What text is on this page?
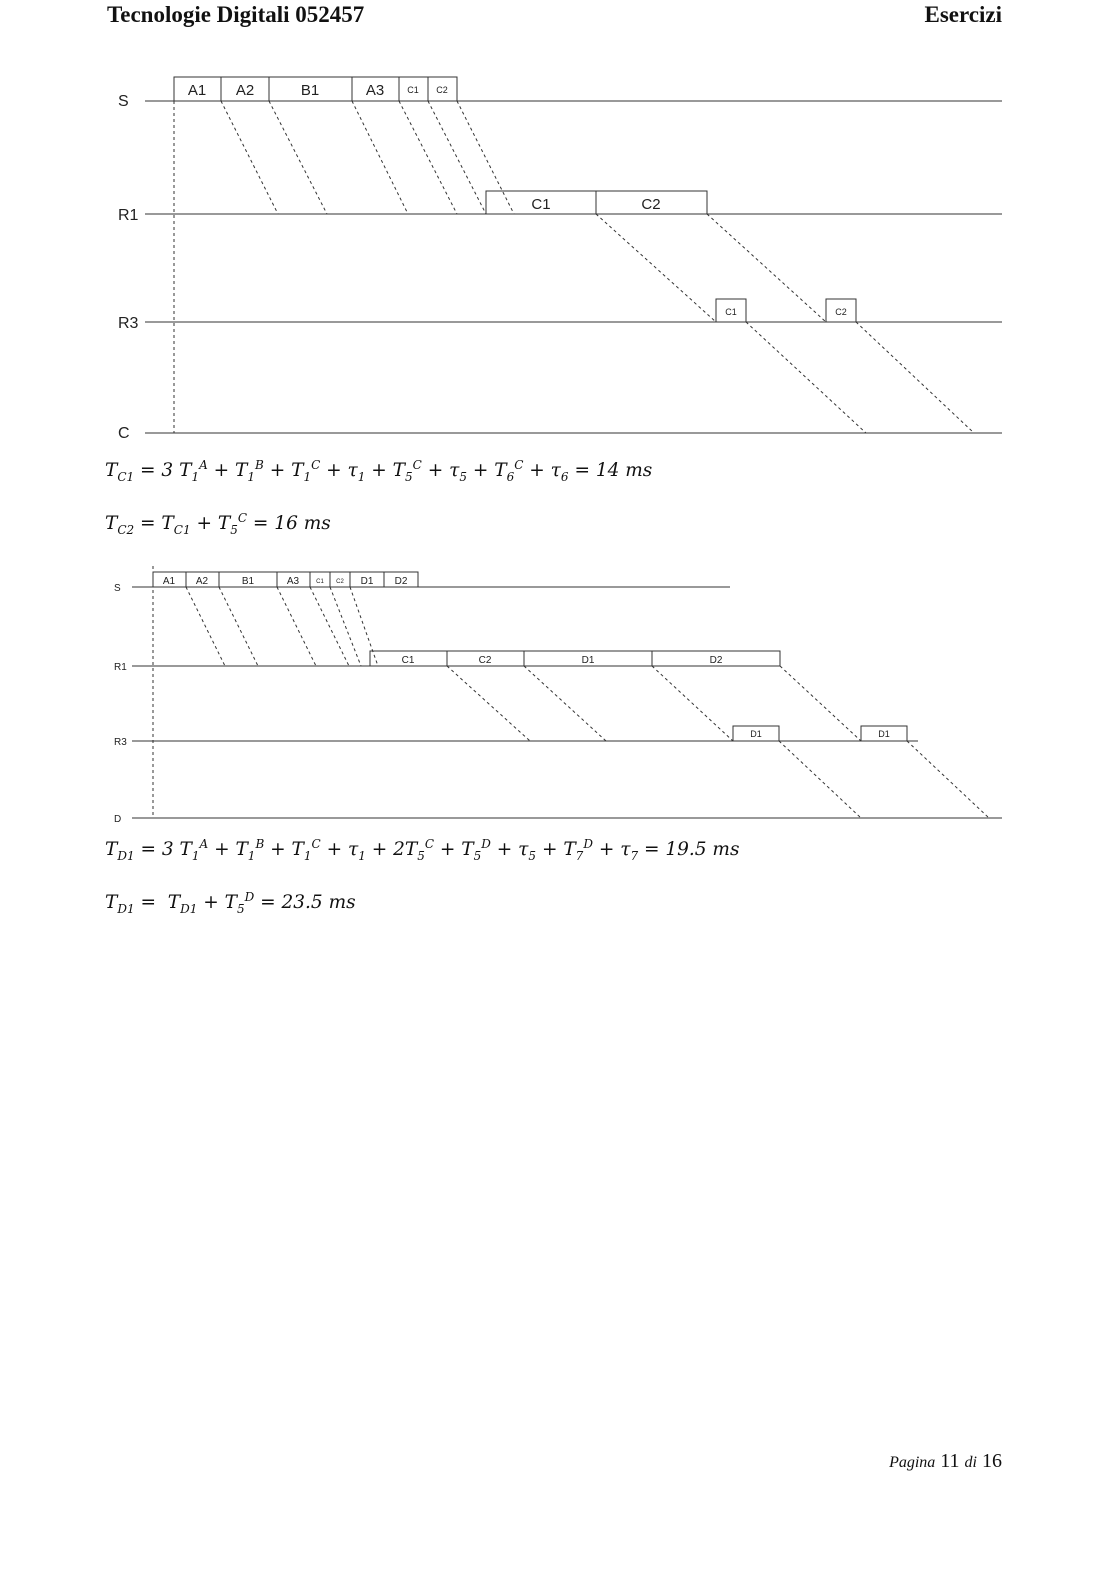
Tecnologie Digitali 052457	Esercizi
S
R1
R3
C
A1 A2	B1	A3	C1 C2
C1	C2
C1	C2
$T_{C1} = 3$ $T_1^A + T_1^B + T_1^C + \tau_1 + T_5^C + \tau_5 + T_6^C + \tau_6 = 14$ ms
$T_{C2} = T_{C1} + T_5^C = 16$ ms
S
R1
R3
D
A1 A2	B1	A3	C1 C2 D1 D2
C1	C2	D1	D2
D1	D1
$T_{D1} = 3$ $T_1^A + T_1^B + T_1^C + \tau_1 + 2T_5^C + T_5^D + \tau_5 + T_7^D + \tau_7 = 19.5$ ms
$T_{D1} = T_{D1} + T_5^D = 23.5$ ms
Pagina 11 di 16
